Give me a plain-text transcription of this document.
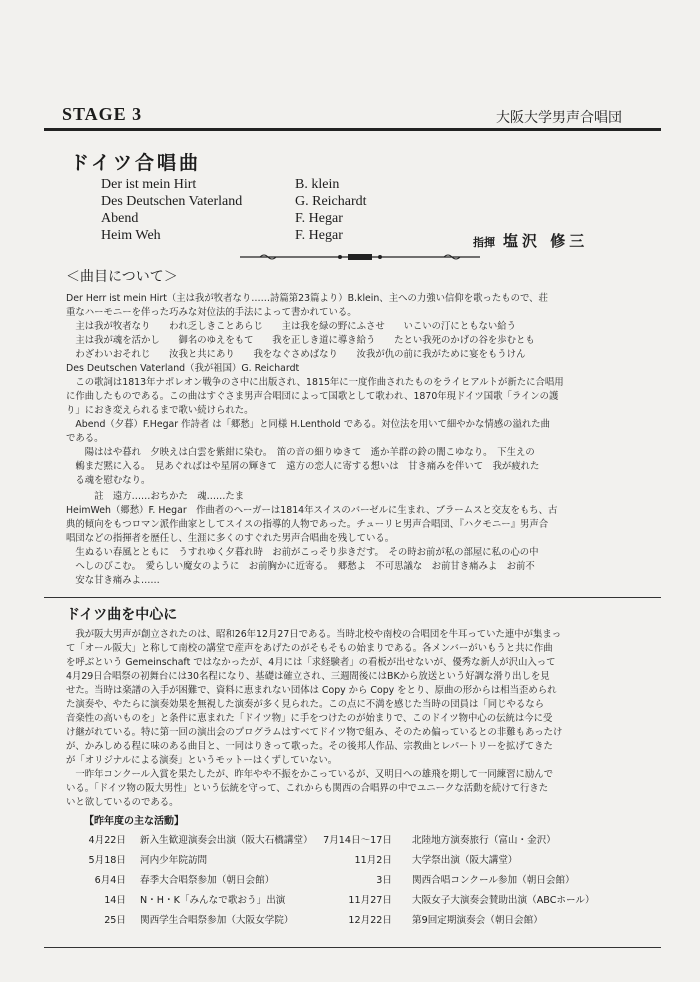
STAGE 3	大阪大学男声合唱団
ドイツ合唱曲
Der ist mein Hirt	B. klein
Des Deutschen Vaterland	G. Reichardt
Abend	F. Hegar
Heim Weh	F. Hegar	指揮 塩沢 修三
＜曲目について＞
Der Herr ist mein Hirt（主は我が牧者なり……詩篇第23篇より）B.klein、主への力強い信仰を歌ったもので、荘
重なハーモニーを伴った巧みな対位法的手法によって書かれている。
　主は我が牧者なり　　われ乏しきことあらじ　　主は我を緑の野にふさせ　　いこいの汀にともない給う
　主は我が魂を活かし　　御名のゆえをもて　　我を正しき道に導き給う　　たとい我死のかげの谷を歩むとも
　わざわいおそれじ　　汝我と共にあり　　我をなぐさめばなり　　汝我が仇の前に我がために宴をもうけん
Des Deutschen Vaterland（我が祖国）G. Reichardt
　この歌詞は1813年ナポレオン戦争のさ中に出版され、1815年に一度作曲されたものをライヒアルトが新たに合唱用
に作曲したものである。この曲はすぐさま男声合唱団によって国歌として歌われ、1870年現ドイツ国歌「ラインの護
り」におき変えられるまで歌い続けられた。
　Abend（夕暮）F.Hegar 作詩者 は「郷愁」と同様 H.Lenthold である。対位法を用いて細やかな情感の溢れた曲
である。
　　陽ははや暮れ　夕映えは白雲を紫紺に染む。　笛の音の細りゆきて　遙か羊群の鈴の闇こゆなり。　下生えの
　鶫まだ黙に入る。　見あぐればはや星屑の輝きて　遠方の恋人に寄する想いは　甘き痛みを伴いて　我が疲れた
　る魂を慰むなり。
　　　註　遠方……おちかた　魂……たま
HeimWeh（郷愁）F. Hegar　作曲者のヘーガーは1814年スイスのバーゼルに生まれ、ブラームスと交友をもち、古
典的傾向をもつロマン派作曲家としてスイスの指導的人物であった。チューリヒ男声合唱団、『ハクモニー』男声合
唱団などの指揮者を歴任し、生涯に多くのすぐれた男声合唱曲を残している。
　生ぬるい春風とともに　うすれゆく夕暮れ時　お前がこっそり歩きだす。　その時お前が私の部屋に私の心の中
　へしのびこむ。　愛らしい魔女のように　お前胸かに近寄る。　郷愁よ　不可思議な　お前甘き痛みよ　お前不
　安な甘き痛みよ……
ドイツ曲を中心に
　我が阪大男声が創立されたのは、昭和26年12月27日である。当時北校や南校の合唱団を牛耳っていた連中が集まっ
て「オール阪大」と称して南校の講堂で産声をあげたのがそもそもの始まりである。各メンバーがいもうと共に作曲
を呼ぶという Gemeinschaft ではなかったが、4月には「求経験者」の看板が出せないが、優秀な新人が沢山入って
4月29日合唱祭の初舞台には30名程になり、基礎は確立され、三週間後にはBKから放送という好調な滑り出しを見
せた。当時は楽譜の入手が困難で、資料に恵まれない団体は Copy から Copy をとり、原曲の形からは相当歪められ
た演奏や、やたらに演奏効果を無視した演奏が多く見られた。この点に不満を感じた当時の団員は「同じやるなら
音楽性の高いものを」と条件に恵まれた「ドイツ物」に手をつけたのが始まりで、このドイツ物中心の伝統は今に受
け継がれている。特に第一回の演出会のプログラムはすべてドイツ物で組み、そのため偏っているとの非難もあったけ
が、かみしめる程に味のある曲目と、一同はりきって歌った。その後邦人作品、宗教曲とレパートリーを拡げてきた
が「オリジナルによる演奏」というモットーはくずしていない。
　一昨年コンクール入賞を果たしたが、昨年やや不振をかこっているが、又明日への雄飛を期して一同練習に励んで
いる。「ドイツ物の阪大男性」という伝統を守って、これからも関西の合唱界の中でユニークな活動を続けて行きた
いと欲しているのである。
【昨年度の主な活動】
4月22日 新入生歓迎演奏会出演（阪大石橋講堂）
5月18日 河内少年院訪問
6月4日 春季大合唱祭参加（朝日会館）
14日 N・H・K「みんなで歌おう」出演
25日 関西学生合唱祭参加（大阪女学院）
7月14日～17日 北陸地方演奏旅行（富山・金沢）
11月2日 大学祭出演（阪大講堂）
3日 関西合唱コンクール参加（朝日会館）
11月27日 大阪女子大演奏会賛助出演（ABCホール）
12月22日 第9回定期演奏会（朝日会館）
